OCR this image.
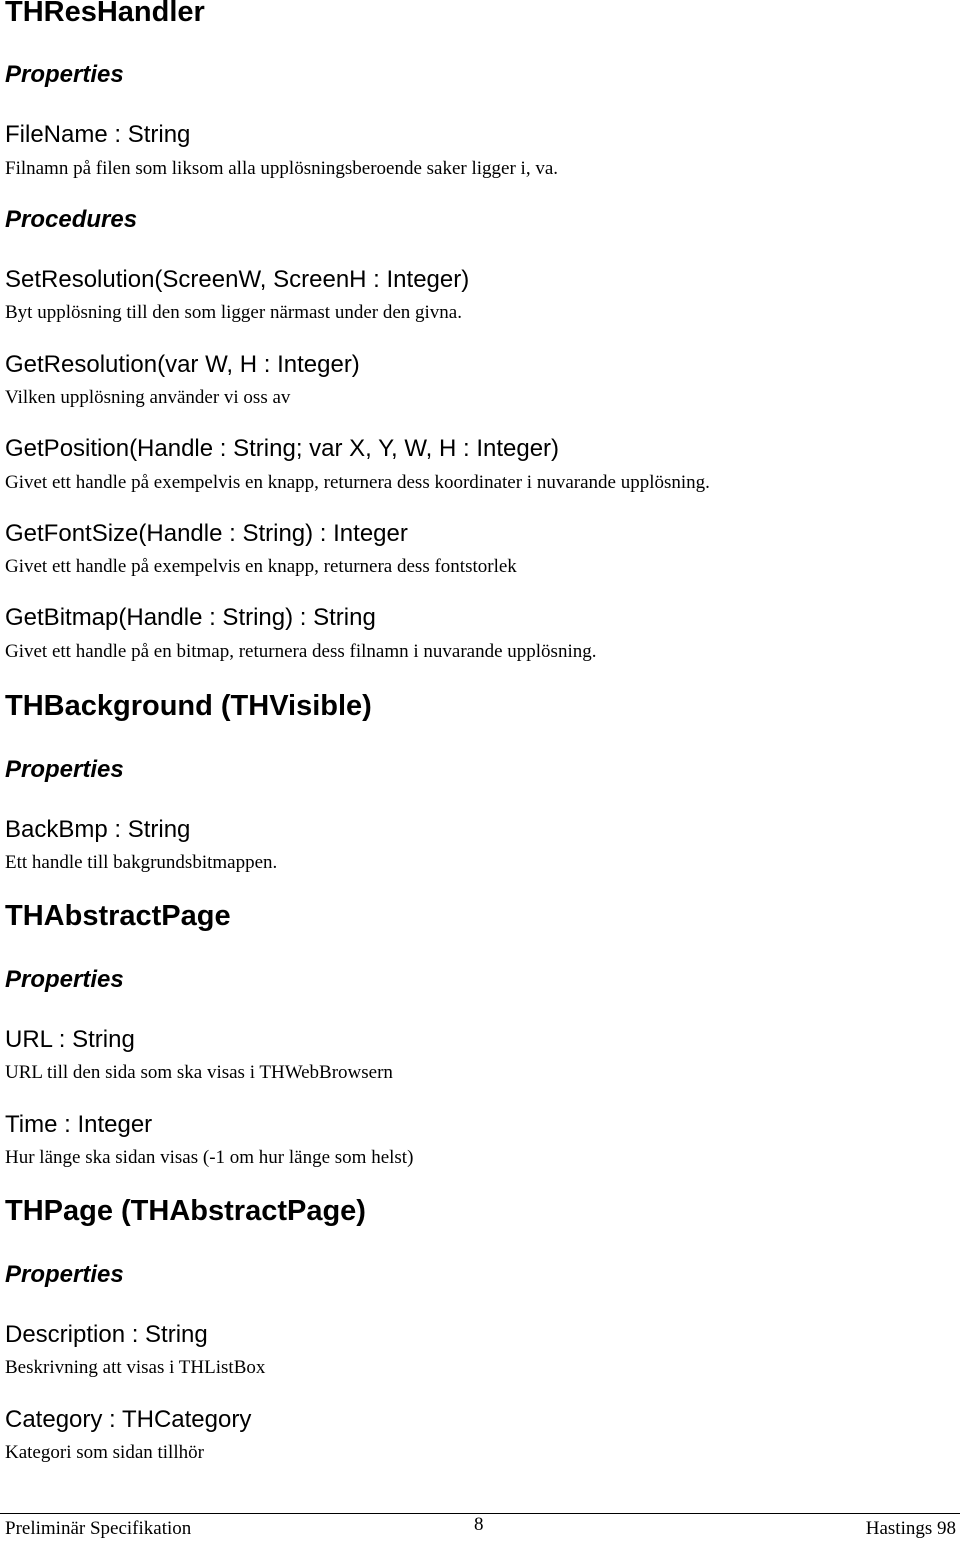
THResHandler
Properties
FileName : String
Filnamn på filen som liksom alla upplösningsberoende saker ligger i, va.
Procedures
SetResolution(ScreenW, ScreenH : Integer)
Byt upplösning till den som ligger närmast under den givna.
GetResolution(var W, H : Integer)
Vilken upplösning använder vi oss av
GetPosition(Handle : String; var X, Y, W, H : Integer)
Givet ett handle på exempelvis en knapp, returnera dess koordinater i nuvarande upplösning.
GetFontSize(Handle : String) : Integer
Givet ett handle på exempelvis en knapp, returnera dess fontstorlek
GetBitmap(Handle : String) : String
Givet ett handle på en bitmap, returnera dess filnamn i nuvarande upplösning.
THBackground (THVisible)
Properties
BackBmp : String
Ett handle till bakgrundsbitmappen.
THAbstractPage
Properties
URL : String
URL till den sida som ska visas i THWebBrowsern
Time : Integer
Hur länge ska sidan visas (-1 om hur länge som helst)
THPage (THAbstractPage)
Properties
Description : String
Beskrivning att visas i THListBox
Category : THCategory
Kategori som sidan tillhör
Preliminär Specifikation	8	Hastings 98
